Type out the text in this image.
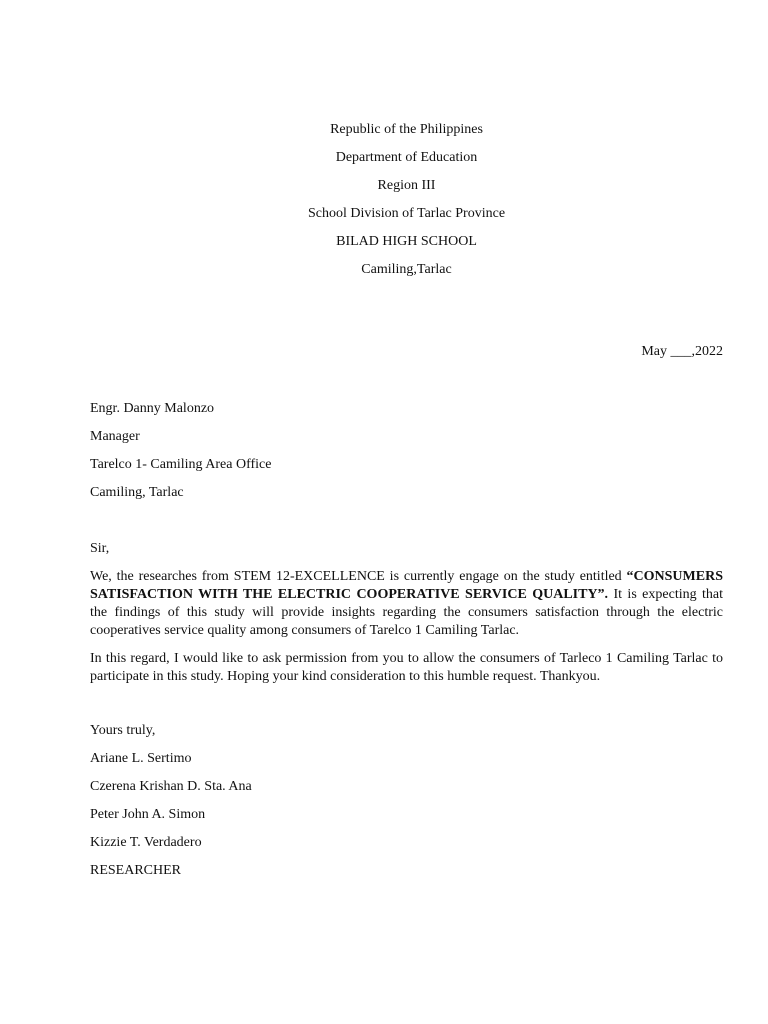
Republic of the Philippines
Department of Education
Region III
School Division of Tarlac Province
BILAD HIGH SCHOOL
Camiling,Tarlac
May ___,2022
Engr. Danny Malonzo
Manager
Tarelco 1- Camiling Area Office
Camiling, Tarlac
Sir,

We, the researches from STEM 12-EXCELLENCE is currently engage on the study entitled “CONSUMERS SATISFACTION WITH THE ELECTRIC COOPERATIVE SERVICE QUALITY”. It is expecting that the findings of this study will provide insights regarding the consumers satisfaction through the electric cooperatives service quality among consumers of Tarelco 1 Camiling Tarlac.

In this regard, I would like to ask permission from you to allow the consumers of Tarleco 1 Camiling Tarlac to participate in this study. Hoping your kind consideration to this humble request. Thankyou.

Yours truly,
Ariane L. Sertimo
Czerena Krishan D. Sta. Ana
Peter John A. Simon
Kizzie T. Verdadero
RESEARCHER
